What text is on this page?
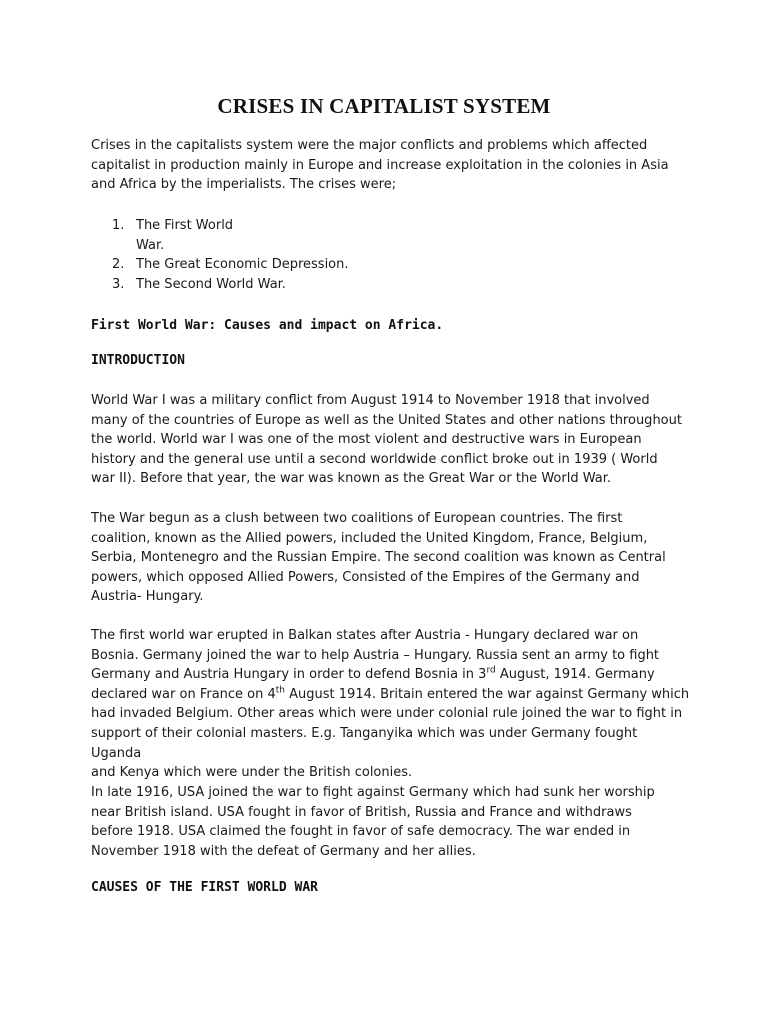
CRISES IN CAPITALIST SYSTEM
Crises in the capitalists system were the major conflicts and problems which affected
capitalist in production mainly in Europe and increase exploitation in the colonies in Asia
and Africa by the imperialists. The crises were;
1. The First World
War.
2. The Great Economic Depression.
3. The Second World War.
First World War: Causes and impact on Africa.
INTRODUCTION
World War I was a military conflict from August 1914 to November 1918 that involved
many of the countries of Europe as well as the United States and other nations throughout
the world. World war I was one of the most violent and destructive wars in European
history and the general use until a second worldwide conflict broke out in 1939 ( World
war II). Before that year, the war was known as the Great War or the World War.
The War begun as a clush between two coalitions of European countries. The first
coalition, known as the Allied powers, included the United Kingdom, France, Belgium,
Serbia, Montenegro and the Russian Empire. The second coalition was known as Central
powers, which opposed Allied Powers, Consisted of the Empires of the Germany and
Austria- Hungary.
The first world war erupted in Balkan states after Austria - Hungary declared war on
Bosnia. Germany joined the war to help Austria – Hungary. Russia sent an army to fight
Germany and Austria Hungary in order to defend Bosnia in 3rd August, 1914. Germany
declared war on France on 4th August 1914. Britain entered the war against Germany which
had invaded Belgium. Other areas which were under colonial rule joined the war to fight in
support of their colonial masters. E.g. Tanganyika which was under Germany fought Uganda
and Kenya which were under the British colonies.
In late 1916, USA joined the war to fight against Germany which had sunk her worship
near British island. USA fought in favor of British, Russia and France and withdraws
before 1918. USA claimed the fought in favor of safe democracy. The war ended in
November 1918 with the defeat of Germany and her allies.
CAUSES OF THE FIRST WORLD WAR
